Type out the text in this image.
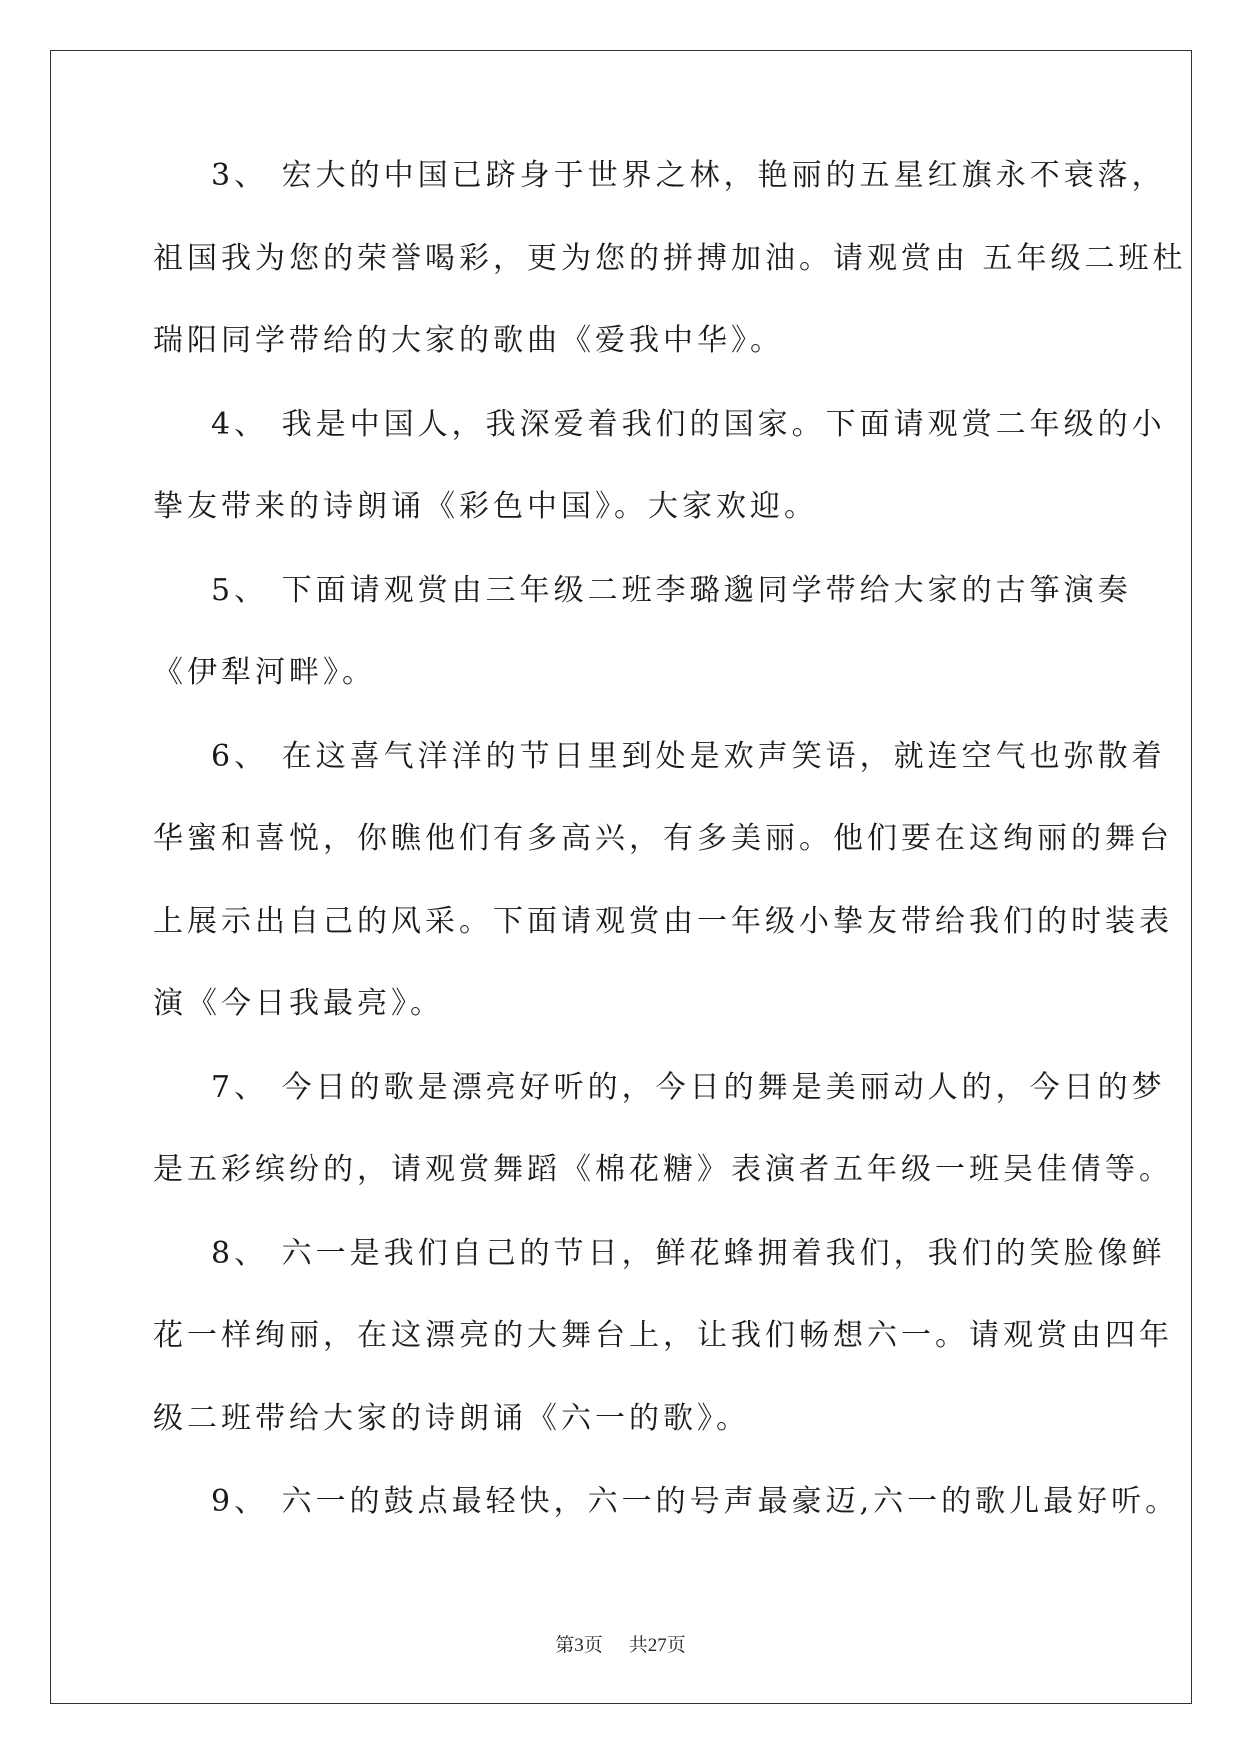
3、 宏大的中国已跻身于世界之林，艳丽的五星红旗永不衰落，
祖国我为您的荣誉喝彩，更为您的拼搏加油。请观赏由 五年级二班杜
瑞阳同学带给的大家的歌曲《爱我中华》。
4、 我是中国人，我深爱着我们的国家。下面请观赏二年级的小
挚友带来的诗朗诵《彩色中国》。大家欢迎。
5、 下面请观赏由三年级二班李璐邈同学带给大家的古筝演奏
《伊犁河畔》。
6、 在这喜气洋洋的节日里到处是欢声笑语，就连空气也弥散着
华蜜和喜悦，你瞧他们有多高兴，有多美丽。他们要在这绚丽的舞台
上展示出自己的风采。下面请观赏由一年级小挚友带给我们的时装表
演《今日我最亮》。
7、 今日的歌是漂亮好听的，今日的舞是美丽动人的，今日的梦
是五彩缤纷的，请观赏舞蹈《棉花糖》表演者五年级一班吴佳倩等。
8、 六一是我们自己的节日，鲜花蜂拥着我们，我们的笑脸像鲜
花一样绚丽，在这漂亮的大舞台上，让我们畅想六一。请观赏由四年
级二班带给大家的诗朗诵《六一的歌》。
9、 六一的鼓点最轻快，六一的号声最豪迈,六一的歌儿最好听。
第3页 共27页
